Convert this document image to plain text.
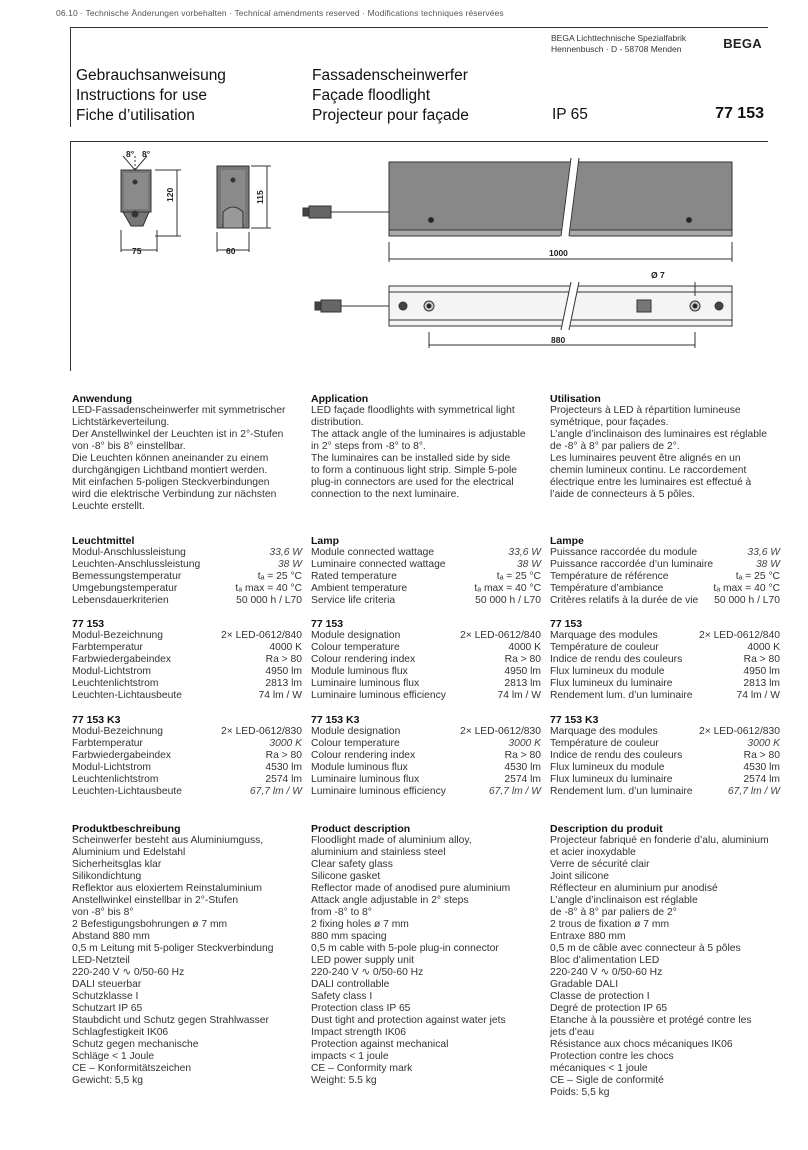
06.10 · Technische Änderungen vorbehalten · Technical amendments reserved · Modifications techniques réservées
BEGA Lichttechnische Spezialfabrik
Hennenbusch · D - 58708 Menden	BEGA
Gebrauchsanweisung
Instructions for use
Fiche d’utilisation
Fassadenscheinwerfer
Façade floodlight
Projecteur pour façade	IP 65	77 153
8° 8°
120
75
115
60	1000
Ø 7
880
Anwendung
LED-Fassadenscheinwerfer mit symmetrischer
Lichtstärkeverteilung.
Der Anstellwinkel der Leuchten ist in 2°-Stufen
von -8° bis 8° einstellbar.
Die Leuchten können aneinander zu einem
durchgängigen Lichtband montiert werden.
Mit einfachen 5-poligen Steckverbindungen
wird die elektrische Verbindung zur nächsten
Leuchte erstellt.
Application
LED façade floodlights with symmetrical light
distribution.
The attack angle of the luminaires is adjustable
in 2° steps from -8° to 8°.
The luminaires can be installed side by side
to form a continuous light strip. Simple 5-pole
plug-in connectors are used for the electrical
connection to the next luminaire.
Utilisation
Projecteurs à LED à répartition lumineuse
symétrique, pour façades.
L’angle d’inclinaison des luminaires est réglable
de -8° à 8° par paliers de 2°.
Les luminaires peuvent être alignés en un
chemin lumineux continu. Le raccordement
électrique entre les luminaires est effectué à
l’aide de connecteurs à 5 pôles.
Leuchtmittel
Modul-Anschlussleistung	33,6 W
Leuchten-Anschlussleistung	38 W
Bemessungstemperatur	tₐ = 25 °C
Umgebungstemperatur	tₐ max = 40 °C
Lebensdauerkriterien	50 000 h / L70
77 153
Modul-Bezeichnung	2× LED-0612/840
Farbtemperatur	4000 K
Farbwiedergabeindex	Ra > 80
Modul-Lichtstrom	4950 lm
Leuchtenlichtstrom	2813 lm
Leuchten-Lichtausbeute	74 lm / W
77 153 K3
Modul-Bezeichnung	2× LED-0612/830
Farbtemperatur	3000 K
Farbwiedergabeindex	Ra > 80
Modul-Lichtstrom	4530 lm
Leuchtenlichtstrom	2574 lm
Leuchten-Lichtausbeute	67,7 lm / W
Produktbeschreibung
Scheinwerfer besteht aus Aluminiumguss,
Aluminium und Edelstahl
Sicherheitsglas klar
Silikondichtung
Reflektor aus eloxiertem Reinstaluminium
Anstellwinkel einstellbar in 2°-Stufen
von -8° bis 8°
2 Befestigungsbohrungen ø 7 mm
Abstand 880 mm
0,5 m Leitung mit 5-poliger Steckverbindung
LED-Netzteil
220-240 V ∿ 0/50-60 Hz
DALI steuerbar
Schutzklasse I
Schutzart IP 65
Staubdicht und Schutz gegen Strahlwasser
Schlagfestigkeit IK06
Schutz gegen mechanische
Schläge < 1 Joule
CE – Konformitätszeichen
Gewicht: 5,5 kg
Lamp
Module connected wattage	33,6 W
Luminaire connected wattage	38 W
Rated temperature	tₐ = 25 °C
Ambient temperature	tₐ max = 40 °C
Service life criteria	50 000 h / L70
77 153
Module designation	2× LED-0612/840
Colour temperature	4000 K
Colour rendering index	Ra > 80
Module luminous flux	4950 lm
Luminaire luminous flux	2813 lm
Luminaire luminous efficiency	74 lm / W
77 153 K3
Module designation	2× LED-0612/830
Colour temperature	3000 K
Colour rendering index	Ra > 80
Module luminous flux	4530 lm
Luminaire luminous flux	2574 lm
Luminaire luminous efficiency	67,7 lm / W
Product description
Floodlight made of aluminium alloy,
aluminium and stainless steel
Clear safety glass
Silicone gasket
Reflector made of anodised pure aluminium
Attack angle adjustable in 2° steps
from -8° to 8°
2 fixing holes ø 7 mm
880 mm spacing
0,5 m cable with 5-pole plug-in connector
LED power supply unit
220-240 V ∿ 0/50-60 Hz
DALI controllable
Safety class I
Protection class IP 65
Dust tight and protection against water jets
Impact strength IK06
Protection against mechanical
impacts < 1 joule
CE – Conformity mark
Weight: 5.5 kg
Lampe
Puissance raccordée du module	33,6 W
Puissance raccordée d’un luminaire	38 W
Température de référence	tₐ = 25 °C
Température d’ambiance	tₐ max = 40 °C
Critères relatifs à la durée de vie 50 000 h / L70
77 153
Marquage des modules	2× LED-0612/840
Température de couleur	4000 K
Indice de rendu des couleurs	Ra > 80
Flux lumineux du module	4950 lm
Flux lumineux du luminaire	2813 lm
Rendement lum. d’un luminaire	74 lm / W
77 153 K3
Marquage des modules	2× LED-0612/830
Température de couleur	3000 K
Indice de rendu des couleurs	Ra > 80
Flux lumineux du module	4530 lm
Flux lumineux du luminaire	2574 lm
Rendement lum. d’un luminaire	67,7 lm / W
Description du produit
Projecteur fabriqué en fonderie d’alu, aluminium
et acier inoxydable
Verre de sécurité clair
Joint silicone
Réflecteur en aluminium pur anodisé
L’angle d’inclinaison est réglable
de -8° à 8° par paliers de 2°
2 trous de fixation ø 7 mm
Entraxe 880 mm
0,5 m de câble avec connecteur à 5 pôles
Bloc d’alimentation LED
220-240 V ∿ 0/50-60 Hz
Gradable DALI
Classe de protection I
Degré de protection IP 65
Etanche à la poussière et protégé contre les
jets d’eau
Résistance aux chocs mécaniques IK06
Protection contre les chocs
mécaniques < 1 joule
CE – Sigle de conformité
Poids: 5,5 kg
